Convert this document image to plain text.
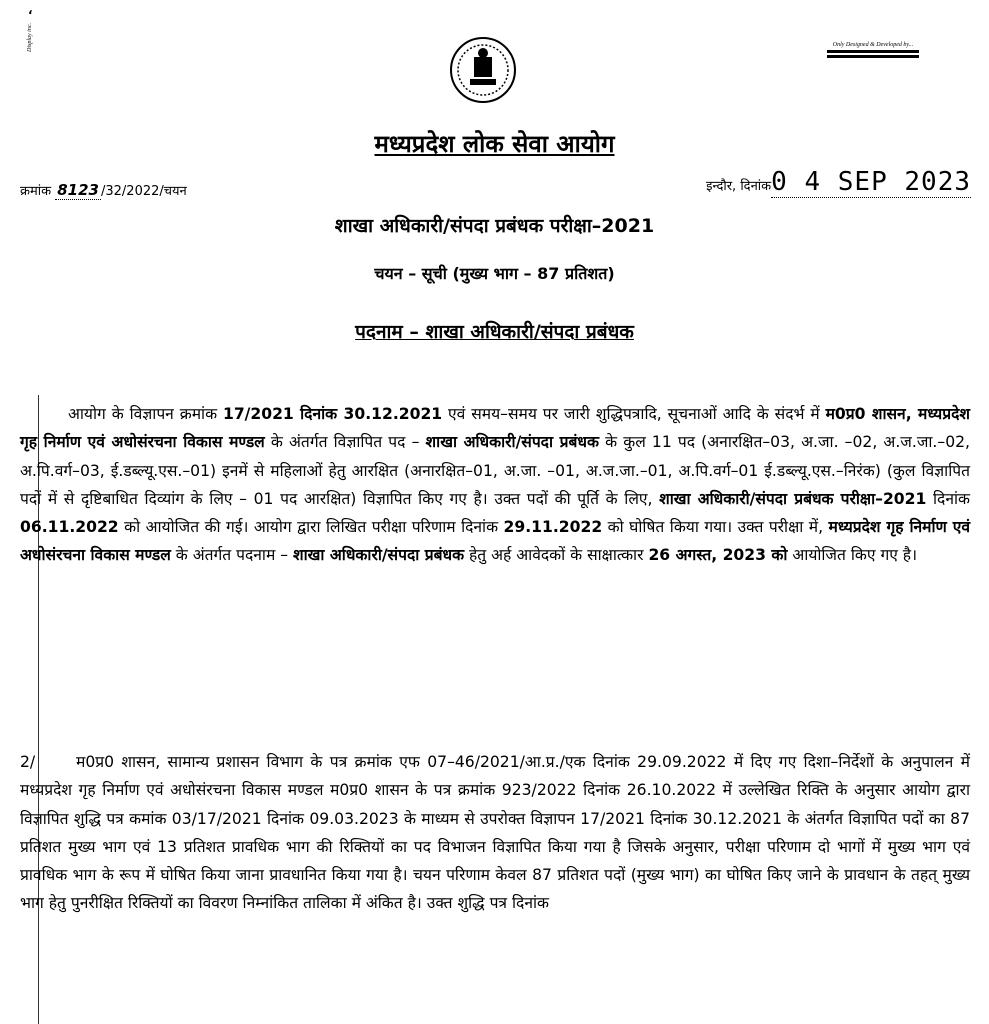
Display inc.
ʻ
Only Designed & Developed by...
मध्यप्रदेश लोक सेवा आयोग
क्रमांक 8123 /32/2022/चयन	इन्दौर, दिनांक0 4 SEP 2023
शाखा अधिकारी/संपदा प्रबंधक परीक्षा–2021
चयन – सूची (मुख्य भाग – 87 प्रतिशत)
पदनाम – शाखा अधिकारी/संपदा प्रबंधक
आयोग के विज्ञापन क्रमांक 17/2021 दिनांक 30.12.2021 एवं समय–समय पर जारी शुद्धिपत्रादि, सूचनाओं आदि के संदर्भ में म0प्र0 शासन, मध्यप्रदेश गृह निर्माण एवं अधोसंरचना विकास मण्डल के अंतर्गत विज्ञापित पद – शाखा अधिकारी/संपदा प्रबंधक के कुल 11 पद (अनारक्षित–03, अ.जा. –02, अ.ज.जा.–02, अ.पि.वर्ग–03, ई.डब्ल्यू.एस.–01) इनमें से महिलाओं हेतु आरक्षित (अनारक्षित–01, अ.जा. –01, अ.ज.जा.–01, अ.पि.वर्ग–01 ई.डब्ल्यू.एस.–निरंक) (कुल विज्ञापित पदों में से दृष्टिबाधित दिव्यांग के लिए – 01 पद आरक्षित) विज्ञापित किए गए है। उक्त पदों की पूर्ति के लिए, शाखा अधिकारी/संपदा प्रबंधक परीक्षा–2021 दिनांक 06.11.2022 को आयोजित की गई। आयोग द्वारा लिखित परीक्षा परिणाम दिनांक 29.11.2022 को घोषित किया गया। उक्त परीक्षा में, मध्यप्रदेश गृह निर्माण एवं अधोसंरचना विकास मण्डल के अंतर्गत पदनाम – शाखा अधिकारी/संपदा प्रबंधक हेतु अर्ह आवेदकों के साक्षात्कार 26 अगस्त, 2023 को आयोजित किए गए है।
2/	म0प्र0 शासन, सामान्य प्रशासन विभाग के पत्र क्रमांक एफ 07–46/2021/आ.प्र./एक दिनांक 29.09.2022 में दिए गए दिशा–निर्देशों के अनुपालन में मध्यप्रदेश गृह निर्माण एवं अधोसंरचना विकास मण्डल म0प्र0 शासन के पत्र क्रमांक 923/2022 दिनांक 26.10.2022 में उल्लेखित रिक्ति के अनुसार आयोग द्वारा विज्ञापित शुद्धि पत्र कमांक 03/17/2021 दिनांक 09.03.2023 के माध्यम से उपरोक्त विज्ञापन 17/2021 दिनांक 30.12.2021 के अंतर्गत विज्ञापित पदों का 87 प्रतिशत मुख्य भाग एवं 13 प्रतिशत प्रावधिक भाग की रिक्तियों का पद विभाजन विज्ञापित किया गया है जिसके अनुसार, परीक्षा परिणाम दो भागों में मुख्य भाग एवं प्रावधिक भाग के रूप में घोषित किया जाना प्रावधानित किया गया है। चयन परिणाम केवल 87 प्रतिशत पदों (मुख्य भाग) का घोषित किए जाने के प्रावधान के तहत् मुख्य भाग हेतु पुनरीक्षित रिक्तियों का विवरण निम्नांकित तालिका में अंकित है। उक्त शुद्धि पत्र दिनांक
